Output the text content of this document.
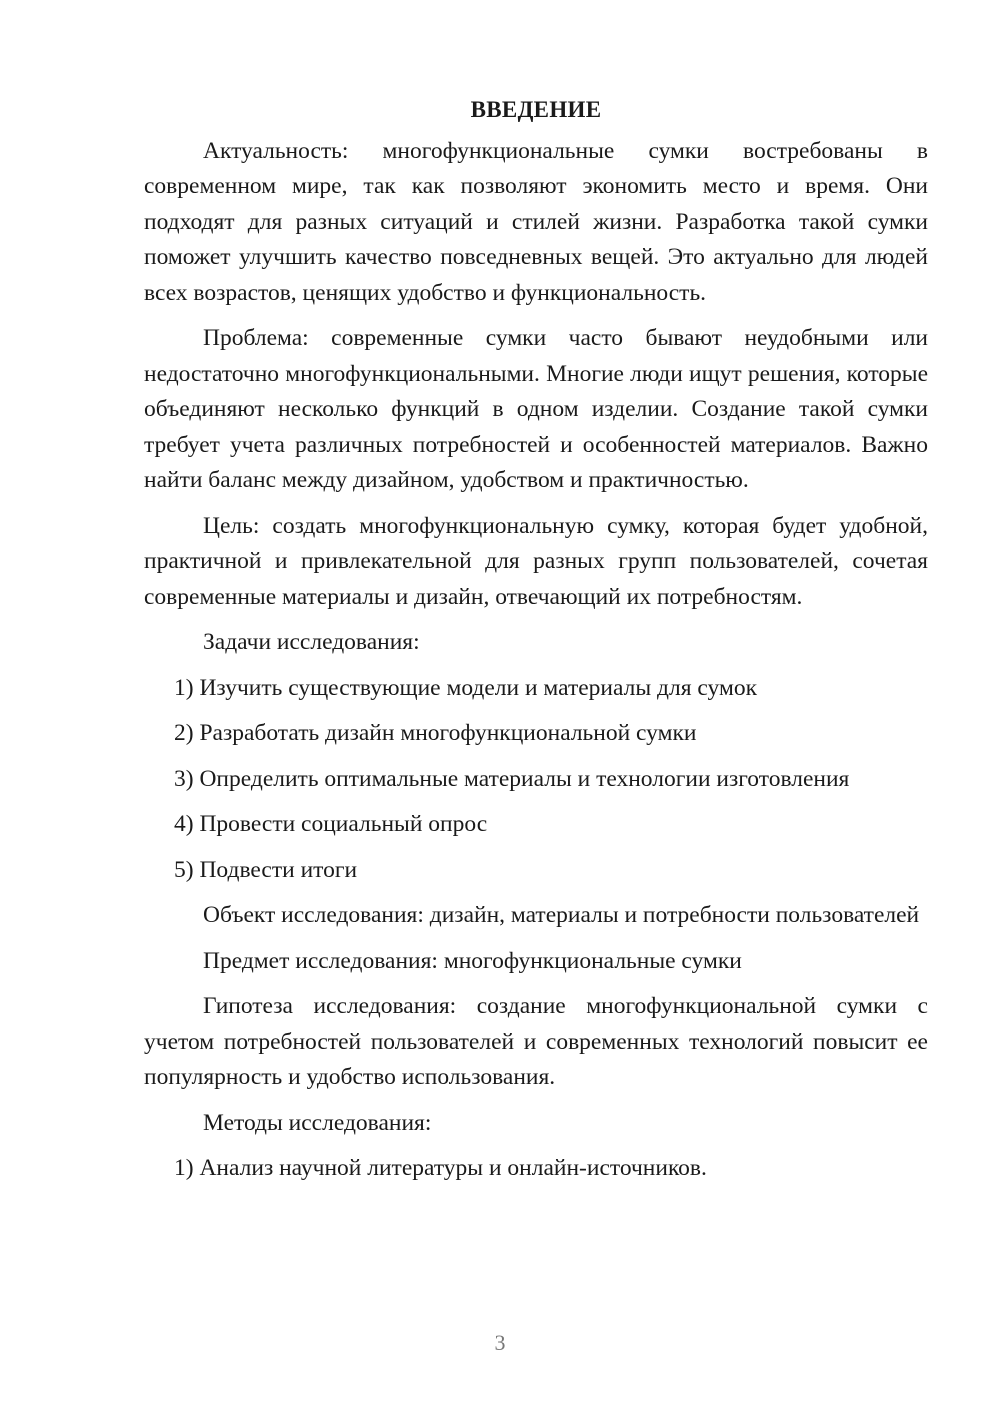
ВВЕДЕНИЕ

Актуальность: многофункциональные сумки востребованы в современном мире, так как позволяют экономить место и время. Они подходят для разных ситуаций и стилей жизни. Разработка такой сумки поможет улучшить качество повседневных вещей. Это актуально для людей всех возрастов, ценящих удобство и функциональность.

Проблема: современные сумки часто бывают неудобными или недостаточно многофункциональными. Многие люди ищут решения, которые объединяют несколько функций в одном изделии. Создание такой сумки требует учета различных потребностей и особенностей материалов. Важно найти баланс между дизайном, удобством и практичностью.

Цель: создать многофункциональную сумку, которая будет удобной, практичной и привлекательной для разных групп пользователей, сочетая современные материалы и дизайн, отвечающий их потребностям.

Задачи исследования:

1) Изучить существующие модели и материалы для сумок

2) Разработать дизайн многофункциональной сумки

3) Определить оптимальные материалы и технологии изготовления

4) Провести социальный опрос

5) Подвести итоги

Объект исследования: дизайн, материалы и потребности пользователей

Предмет исследования: многофункциональные сумки

Гипотеза исследования: создание многофункциональной сумки с учетом потребностей пользователей и современных технологий повысит ее популярность и удобство использования.

Методы исследования:

1) Анализ научной литературы и онлайн-источников.

3
